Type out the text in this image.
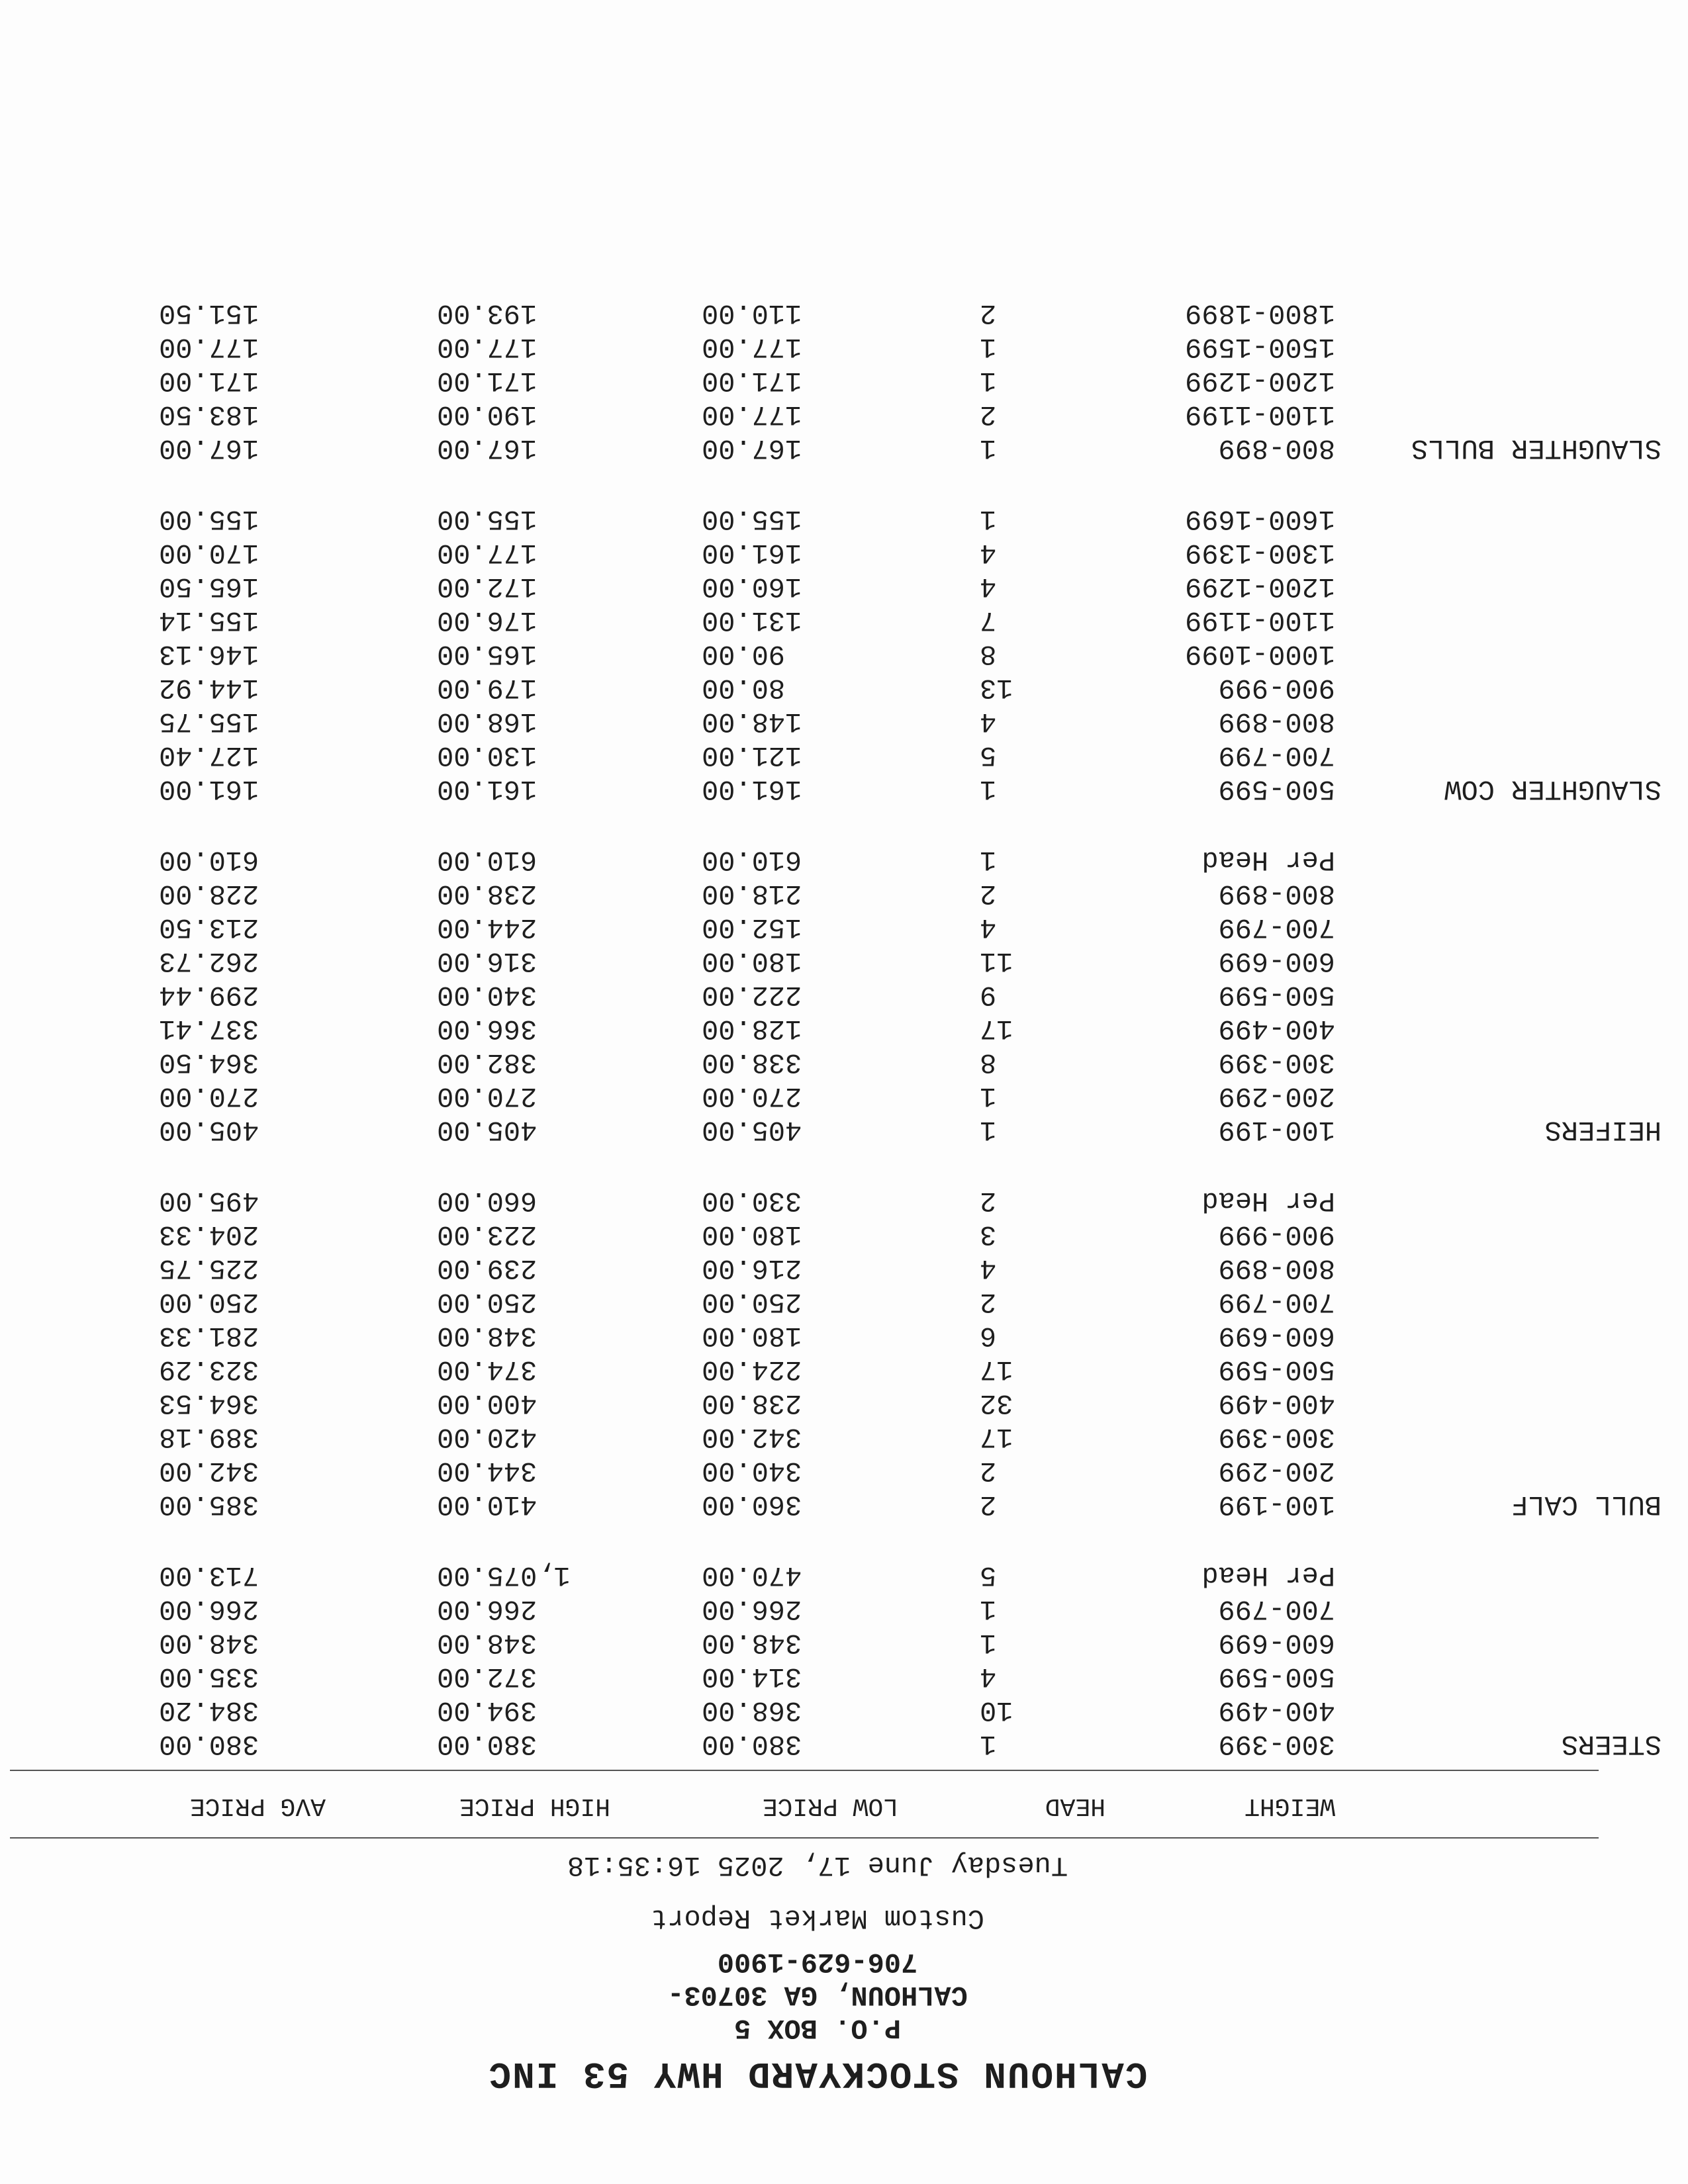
CALHOUN STOCKYARD HWY 53 INC
P.O. BOX 5
CALHOUN, GA 30703-
706-629-1900
Custom Market Report
Tuesday June 17, 2025 16:35:18
WEIGHT
HEAD
LOW PRICE
HIGH PRICE
AVG PRICE
STEERS
300-399
1
380.00
380.00
380.00
400-499
10
368.00
394.00
384.20
500-599
4
314.00
372.00
335.00
600-699
1
348.00
348.00
348.00
700-799
1
266.00
266.00
266.00
Per Head
5
470.00
1,075.00
713.00
BULL CALF
100-199
2
360.00
410.00
385.00
200-299
2
340.00
344.00
342.00
300-399
17
342.00
420.00
389.18
400-499
32
238.00
400.00
364.53
500-599
17
224.00
374.00
323.29
600-699
6
180.00
348.00
281.33
700-799
2
250.00
250.00
250.00
800-899
4
216.00
239.00
225.75
900-999
3
180.00
223.00
204.33
Per Head
2
330.00
660.00
495.00
HEIFERS
100-199
1
405.00
405.00
405.00
200-299
1
270.00
270.00
270.00
300-399
8
338.00
382.00
364.50
400-499
17
128.00
366.00
337.41
500-599
9
222.00
340.00
299.44
600-699
11
180.00
316.00
262.73
700-799
4
152.00
244.00
213.50
800-899
2
218.00
238.00
228.00
Per Head
1
610.00
610.00
610.00
SLAUGHTER COW
500-599
1
161.00
161.00
161.00
700-799
5
121.00
130.00
127.40
800-899
4
148.00
168.00
155.75
900-999
13
80.00
179.00
144.92
1000-1099
8
90.00
165.00
146.13
1100-1199
7
131.00
176.00
155.14
1200-1299
4
160.00
172.00
165.50
1300-1399
4
161.00
177.00
170.00
1600-1699
1
155.00
155.00
155.00
SLAUGHTER BULLS
800-899
1
167.00
167.00
167.00
1100-1199
2
177.00
190.00
183.50
1200-1299
1
171.00
171.00
171.00
1500-1599
1
177.00
177.00
177.00
1800-1899
2
110.00
193.00
151.50
